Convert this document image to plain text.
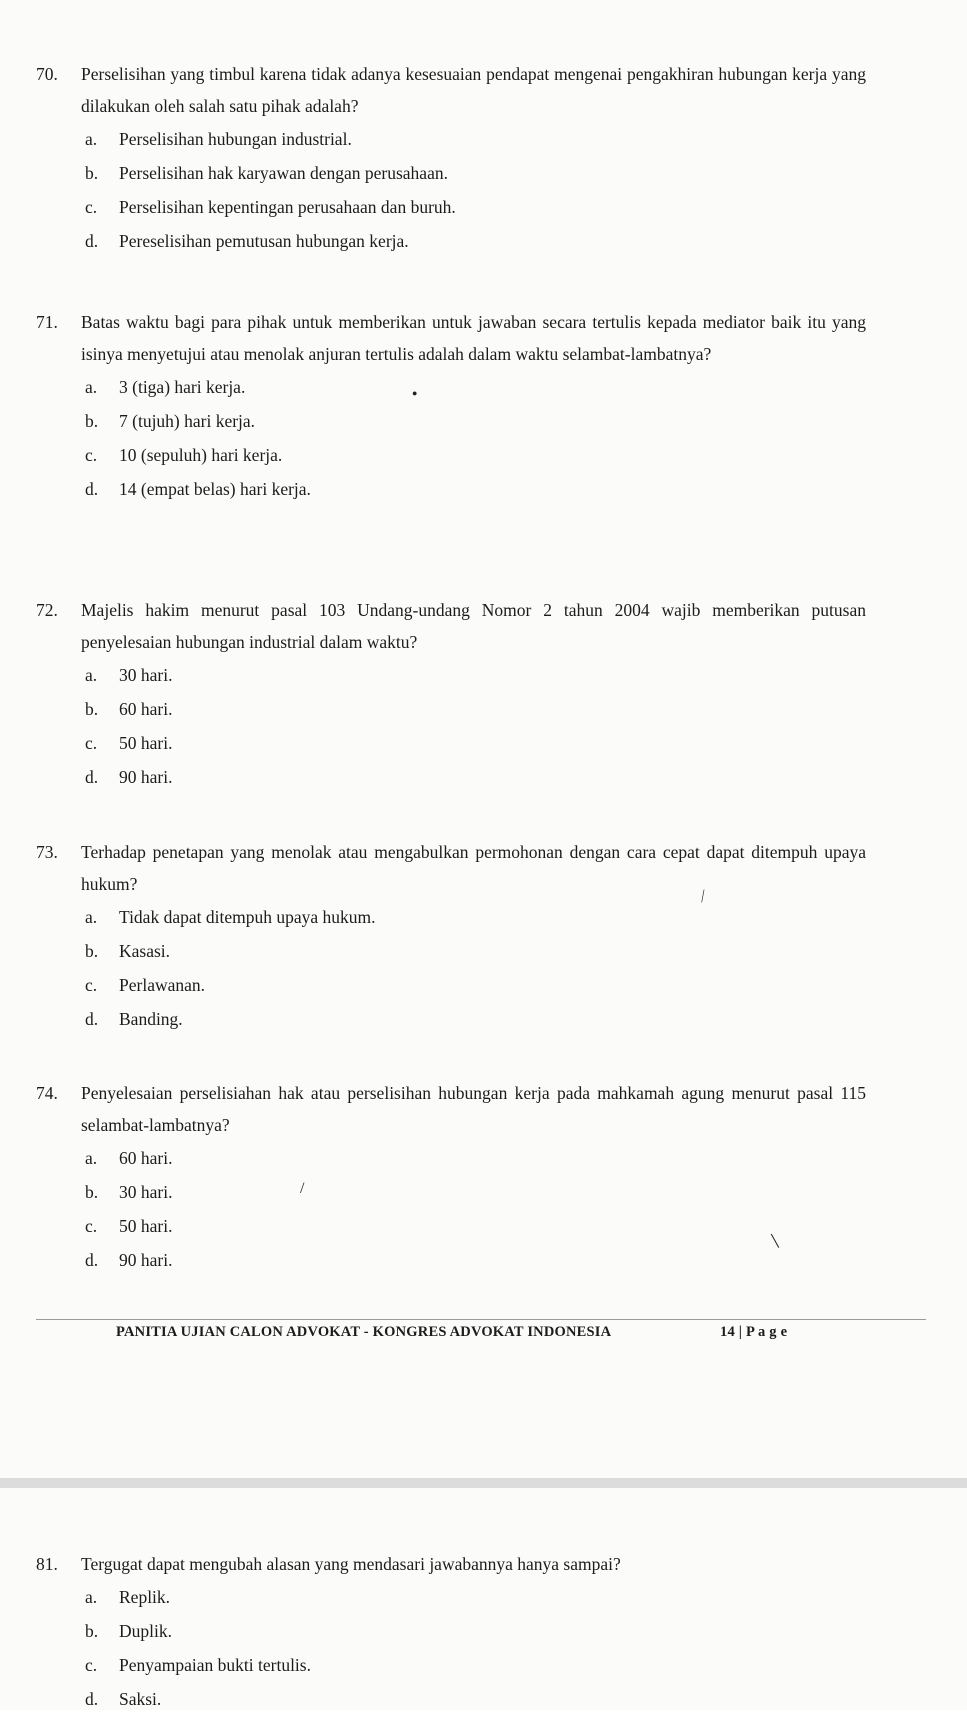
70. Perselisihan yang timbul karena tidak adanya kesesuaian pendapat mengenai pengakhiran hubungan kerja yang dilakukan oleh salah satu pihak adalah?

a.	Perselisihan hubungan industrial.
b.	Perselisihan hak karyawan dengan perusahaan.
c.	Perselisihan kepentingan perusahaan dan buruh.
d.	Pereselisihan pemutusan hubungan kerja.

71. Batas waktu bagi para pihak untuk memberikan untuk jawaban secara tertulis kepada mediator baik itu yang isinya menyetujui atau menolak anjuran tertulis adalah dalam waktu selambat-lambatnya?

a.	3 (tiga) hari kerja.
b.	7 (tujuh) hari kerja.
c.	10 (sepuluh) hari kerja.
d.	14 (empat belas) hari kerja.

72. Majelis hakim menurut pasal 103 Undang-undang Nomor 2 tahun 2004 wajib memberikan putusan penyelesaian hubungan industrial dalam waktu?

a.	30 hari.
b.	60 hari.
c.	50 hari.
d.	90 hari.

73. Terhadap penetapan yang menolak atau mengabulkan permohonan dengan cara cepat dapat ditempuh upaya hukum?

a.	Tidak dapat ditempuh upaya hukum.
b.	Kasasi.
c.	Perlawanan.
d.	Banding.

74. Penyelesaian perselisiahan hak atau perselisihan hubungan kerja pada mahkamah agung menurut pasal 115 selambat-lambatnya?

a.	60 hari.
b.	30 hari.
c.	50 hari.
d.	90 hari.
●
⁄
/
\
PANITIA UJIAN CALON ADVOKAT - KONGRES ADVOKAT INDONESIA	14 | P a g e

81. Tergugat dapat mengubah alasan yang mendasari jawabannya hanya sampai?

a.	Replik.
b.	Duplik.
c.	Penyampaian bukti tertulis.
d.	Saksi.
